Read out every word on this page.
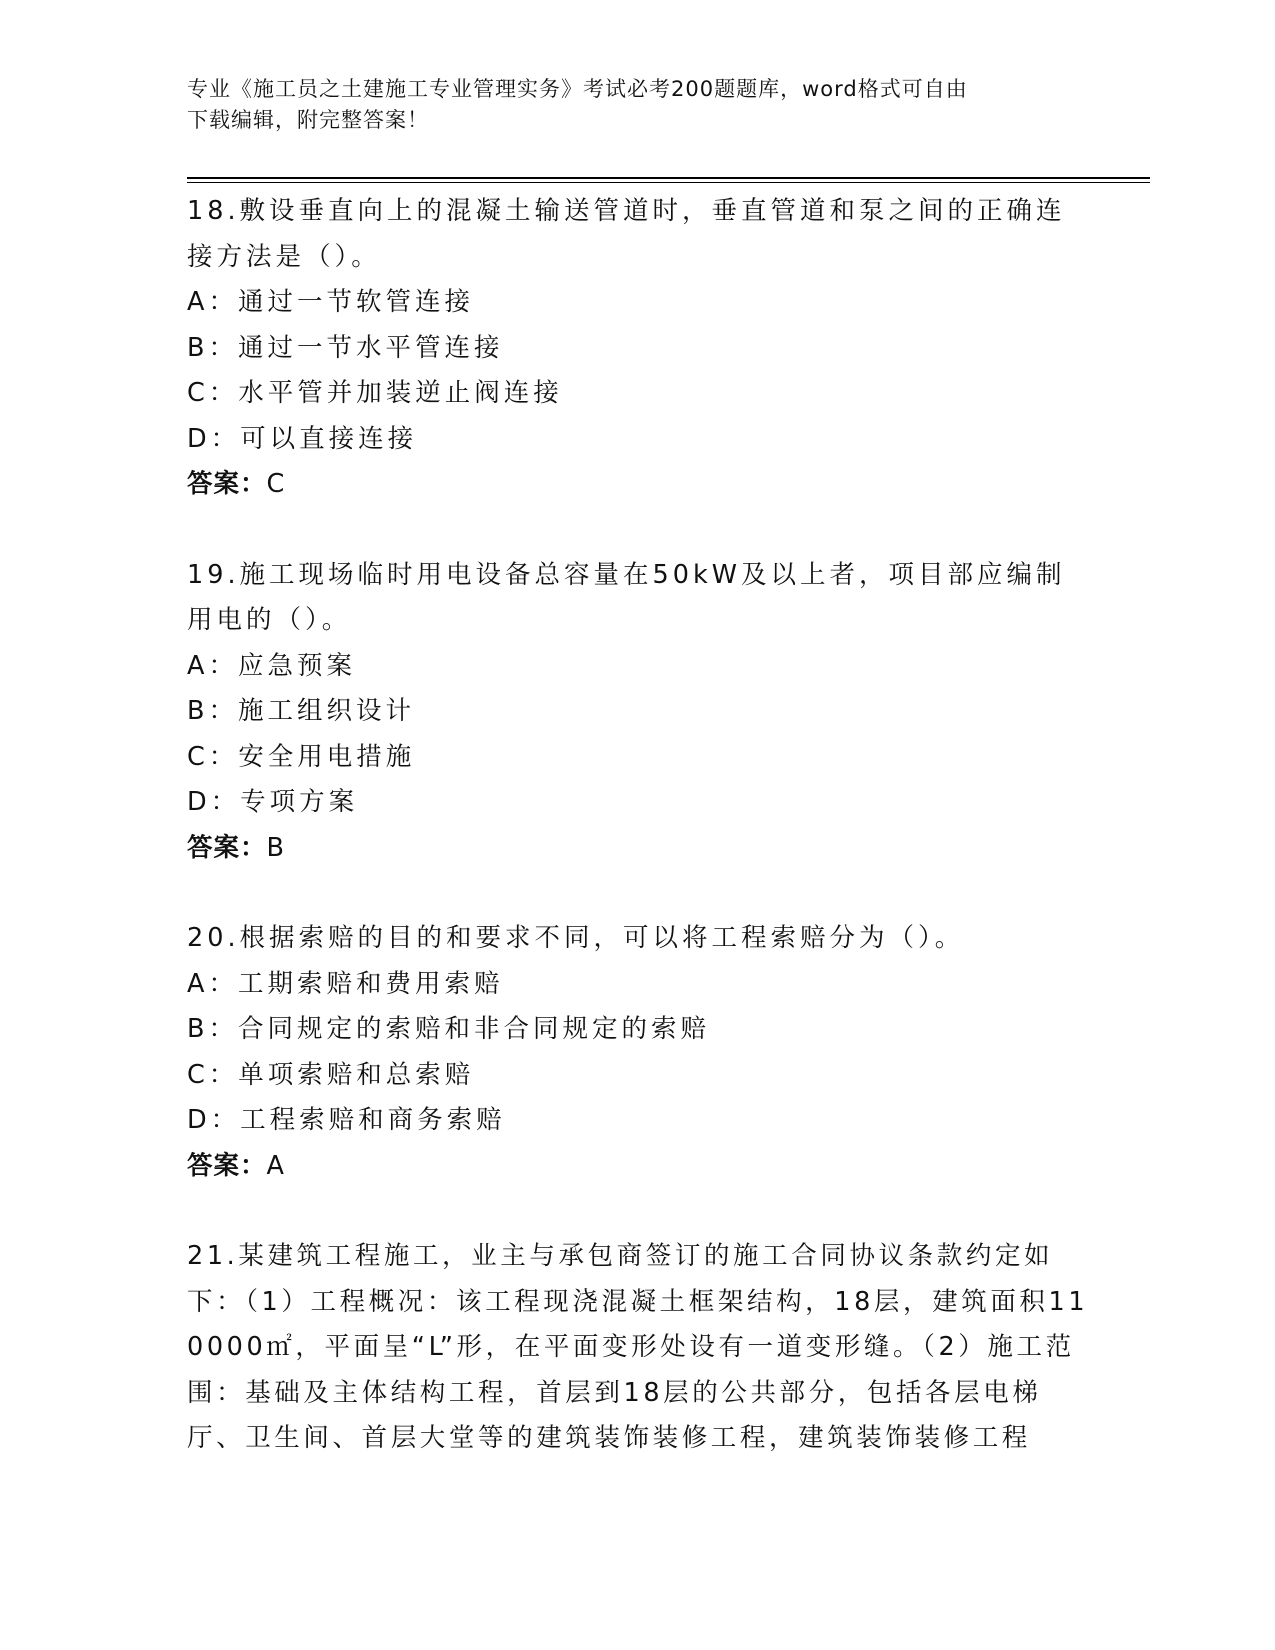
专业《施工员之土建施工专业管理实务》考试必考200题题库，word格式可自由
下载编辑，附完整答案！
18.敷设垂直向上的混凝土输送管道时，垂直管道和泵之间的正确连接方法是（）。
A：通过一节软管连接
B：通过一节水平管连接
C：水平管并加装逆止阀连接
D：可以直接连接
答案：C
19.施工现场临时用电设备总容量在50kW及以上者，项目部应编制用电的（）。
A：应急预案
B：施工组织设计
C：安全用电措施
D：专项方案
答案：B
20.根据索赔的目的和要求不同，可以将工程索赔分为（）。
A：工期索赔和费用索赔
B：合同规定的索赔和非合同规定的索赔
C：单项索赔和总索赔
D：工程索赔和商务索赔
答案：A
21.某建筑工程施工，业主与承包商签订的施工合同协议条款约定如下：（1）工程概况：该工程现浇混凝土框架结构，18层，建筑面积110000㎡，平面呈“L”形，在平面变形处设有一道变形缝。（2）施工范围：基础及主体结构工程，首层到18层的公共部分，包括各层电梯厅、卫生间、首层大堂等的建筑装饰装修工程，建筑装饰装修工程
